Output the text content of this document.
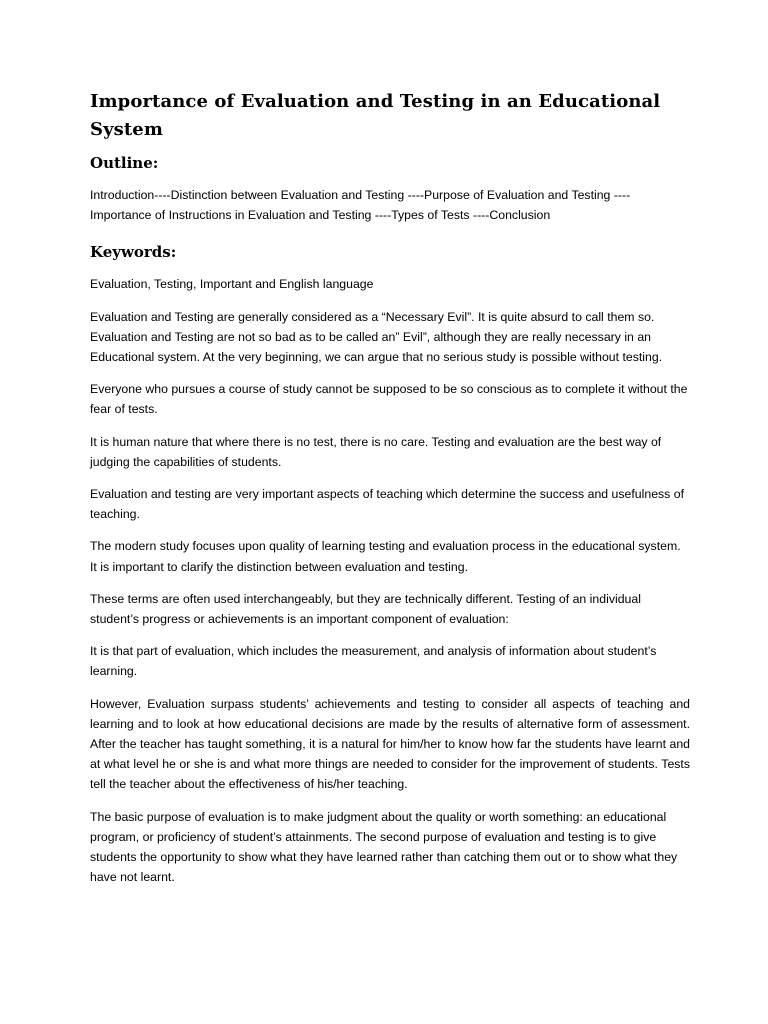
Importance of Evaluation and Testing in an Educational System
Outline:

Introduction----Distinction between Evaluation and Testing ----Purpose of Evaluation and Testing ----Importance of Instructions in Evaluation and Testing ----Types of Tests ----Conclusion

Keywords:

Evaluation, Testing, Important and English language

Evaluation and Testing are generally considered as a “Necessary Evil”. It is quite absurd to call them so. Evaluation and Testing are not so bad as to be called an” Evil”, although they are really necessary in an Educational system. At the very beginning, we can argue that no serious study is possible without testing.

Everyone who pursues a course of study cannot be supposed to be so conscious as to complete it without the fear of tests.

It is human nature that where there is no test, there is no care. Testing and evaluation are the best way of judging the capabilities of students.

Evaluation and testing are very important aspects of teaching which determine the success and usefulness of teaching.

The modern study focuses upon quality of learning testing and evaluation process in the educational system. It is important to clarify the distinction between evaluation and testing.

These terms are often used interchangeably, but they are technically different. Testing of an individual student’s progress or achievements is an important component of evaluation:

It is that part of evaluation, which includes the measurement, and analysis of information about student’s learning.

However, Evaluation surpass students’ achievements and testing to consider all aspects of teaching and learning and to look at how educational decisions are made by the results of alternative form of assessment. After the teacher has taught something, it is a natural for him/her to know how far the students have learnt and at what level he or she is and what more things are needed to consider for the improvement of students. Tests tell the teacher about the effectiveness of his/her teaching.

The basic purpose of evaluation is to make judgment about the quality or worth something: an educational program, or proficiency of student’s attainments. The second purpose of evaluation and testing is to give students the opportunity to show what they have learned rather than catching them out or to show what they have not learnt.
